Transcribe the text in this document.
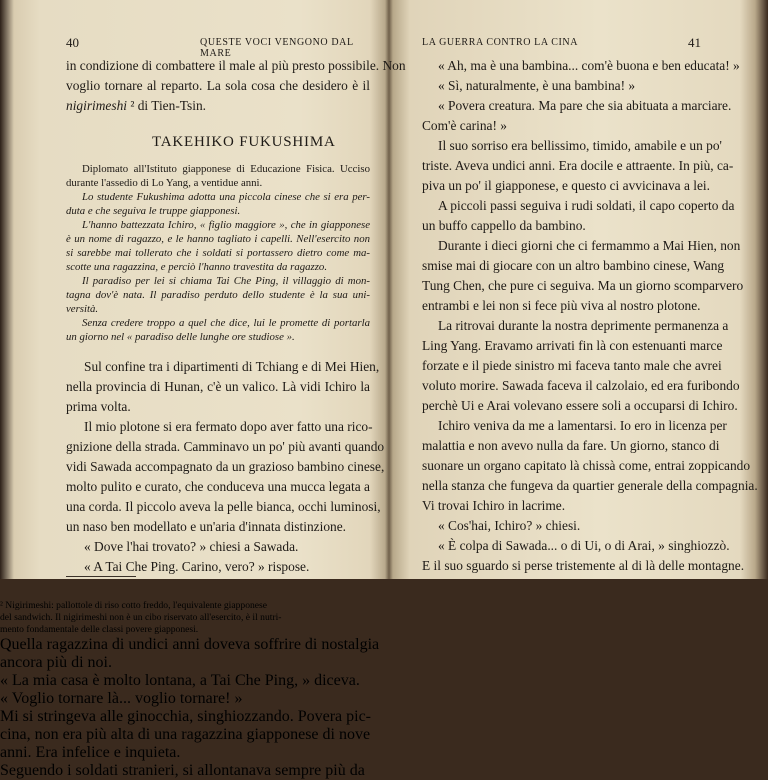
40	QUESTE VOCI VENGONO DAL MARE
in condizione di combattere il male al più presto possibile. Non
voglio tornare al reparto. La sola cosa che desidero è il
nigirimeshi ² di Tien-Tsin.
TAKEHIKO FUKUSHIMA
Diplomato all'Istituto giapponese di Educazione Fisica. Ucciso
durante l'assedio di Lo Yang, a ventidue anni.
Lo studente Fukushima adotta una piccola cinese che si era per-
duta e che seguiva le truppe giapponesi.
L'hanno battezzata Ichiro, « figlio maggiore », che in giapponese
è un nome di ragazzo, e le hanno tagliato i capelli. Nell'esercito non
si sarebbe mai tollerato che i soldati si portassero dietro come ma-
scotte una ragazzina, e perciò l'hanno travestita da ragazzo.
Il paradiso per lei si chiama Tai Che Ping, il villaggio di mon-
tagna dov'è nata. Il paradiso perduto dello studente è la sua uni-
versità.
Senza credere troppo a quel che dice, lui le promette di portarla
un giorno nel « paradiso delle lunghe ore studiose ».
Sul confine tra i dipartimenti di Tchiang e di Mei Hien,
nella provincia di Hunan, c'è un valico. Là vidi Ichiro la
prima volta.
Il mio plotone si era fermato dopo aver fatto una rico-
gnizione della strada. Camminavo un po' più avanti quando
vidi Sawada accompagnato da un grazioso bambino cinese,
molto pulito e curato, che conduceva una mucca legata a
una corda. Il piccolo aveva la pelle bianca, occhi luminosi,
un naso ben modellato e un'aria d'innata distinzione.
« Dove l'hai trovato? » chiesi a Sawada.
« A Tai Che Ping. Carino, vero? » rispose.
LA GUERRA CONTRO LA CINA	41
« Ah, ma è una bambina... com'è buona e ben educata! »
« Sì, naturalmente, è una bambina! »
« Povera creatura. Ma pare che sia abituata a marciare.
Com'è carina! »
Il suo sorriso era bellissimo, timido, amabile e un po'
triste. Aveva undici anni. Era docile e attraente. In più, ca-
piva un po' il giapponese, e questo ci avvicinava a lei.
A piccoli passi seguiva i rudi soldati, il capo coperto da
un buffo cappello da bambino.
Durante i dieci giorni che ci fermammo a Mai Hien, non
smise mai di giocare con un altro bambino cinese, Wang
Tung Chen, che pure ci seguiva. Ma un giorno scomparvero
entrambi e lei non si fece più viva al nostro plotone.
La ritrovai durante la nostra deprimente permanenza a
Ling Yang. Eravamo arrivati fin là con estenuanti marce
forzate e il piede sinistro mi faceva tanto male che avrei
voluto morire. Sawada faceva il calzolaio, ed era furibondo
perchè Ui e Arai volevano essere soli a occuparsi di Ichiro.
Ichiro veniva da me a lamentarsi. Io ero in licenza per
malattia e non avevo nulla da fare. Un giorno, stanco di
suonare un organo capitato là chissà come, entrai zoppicando
nella stanza che fungeva da quartier generale della compagnia.
Vi trovai Ichiro in lacrime.
« Cos'hai, Ichiro? » chiesi.
« È colpa di Sawada... o di Ui, o di Arai, » singhiozzò.
E il suo sguardo si perse tristemente al di là delle montagne.
² Nigirimeshi: pallottole di riso cotto freddo, l'equivalente giapponese
del sandwich. Il nigirimeshi non è un cibo riservato all'esercito, è il nutri-
mento fondamentale delle classi povere giapponesi.
Quella ragazzina di undici anni doveva soffrire di nostalgia
ancora più di noi.
« La mia casa è molto lontana, a Tai Che Ping, » diceva.
« Voglio tornare là... voglio tornare! »
Mi si stringeva alle ginocchia, singhiozzando. Povera pic-
cina, non era più alta di una ragazzina giapponese di nove
anni. Era infelice e inquieta.
Seguendo i soldati stranieri, si allontanava sempre più da
